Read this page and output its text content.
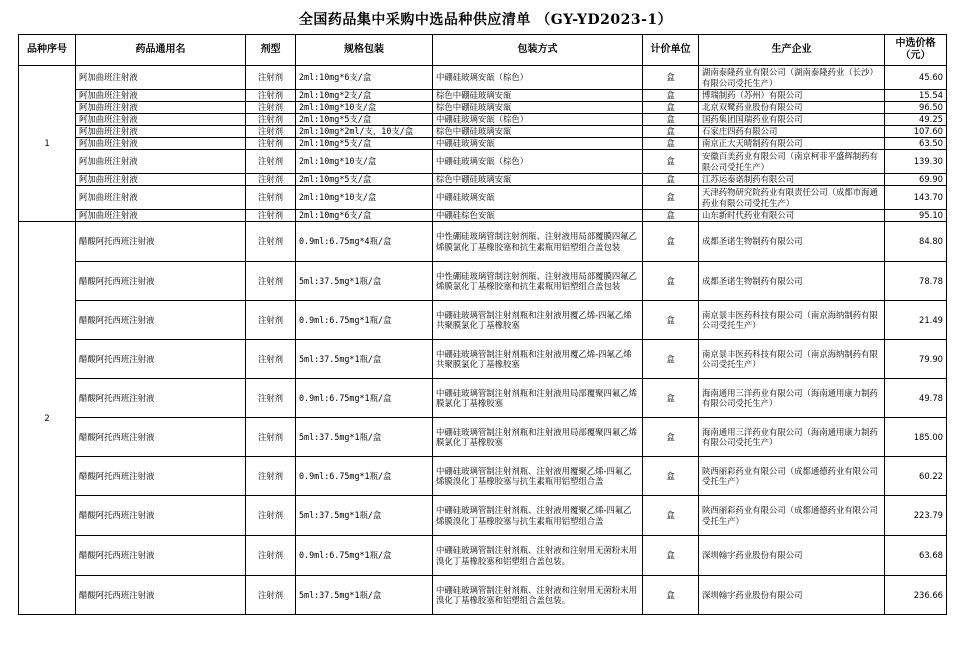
全国药品集中采购中选品种供应清单 （GY-YD2023-1）
品种序号	药品通用名	剂型	规格包装	包装方式	计价单位	生产企业	中选价格（元）
1	阿加曲班注射液	注射剂	2ml:10mg*6支/盒	中硼硅玻璃安瓿（棕色）	盒	湖南泰隆药业有限公司（湖南泰隆药业（长沙）有限公司受托生产）	45.60
	阿加曲班注射液	注射剂	2ml:10mg*2支/盒	棕色中硼硅玻璃安瓿	盒	博瑞制药（苏州）有限公司	15.54
	阿加曲班注射液	注射剂	2ml:10mg*10支/盒	棕色中硼硅玻璃安瓿	盒	北京双鹭药业股份有限公司	96.50
	阿加曲班注射液	注射剂	2ml:10mg*5支/盒	中硼硅玻璃安瓿（棕色）	盒	国药集团国瑞药业有限公司	49.25
	阿加曲班注射液	注射剂	2ml:10mg*2ml/支，10支/盒	棕色中硼硅玻璃安瓿	盒	石家庄四药有限公司	107.60
	阿加曲班注射液	注射剂	2ml:10mg*5支/盒	中硼硅玻璃安瓿	盒	南京正大天晴制药有限公司	63.50
	阿加曲班注射液	注射剂	2ml:10mg*10支/盒	中硼硅玻璃安瓿（棕色）	盒	安徽百美药业有限公司（南京柯菲平盛辉制药有限公司受托生产）	139.30
	阿加曲班注射液	注射剂	2ml:10mg*5支/盒	棕色中硼硅玻璃安瓿	盒	江苏运泰诺制药有限公司	69.90
	阿加曲班注射液	注射剂	2ml:10mg*10支/盒	中硼硅玻璃安瓿	盒	天津药物研究院药业有限责任公司（成都市海通药业有限公司受托生产）	143.70
	阿加曲班注射液	注射剂	2ml:10mg*6支/盒	中硼硅棕色安瓿	盒	山东新时代药业有限公司	95.10
2	醋酸阿托西班注射液	注射剂	0.9ml:6.75mg*4瓶/盒	中性硼硅玻璃管制注射剂瓶、注射液用局部覆膜四氟乙烯膜氯化丁基橡胶塞和抗生素瓶用铝塑组合盖包装	盒	成都圣诺生物制药有限公司	84.80
	醋酸阿托西班注射液	注射剂	5ml:37.5mg*1瓶/盒	中性硼硅玻璃管制注射剂瓶、注射液用局部覆膜四氟乙烯膜氯化丁基橡胶塞和抗生素瓶用铝塑组合盖包装	盒	成都圣诺生物制药有限公司	78.78
	醋酸阿托西班注射液	注射剂	0.9ml:6.75mg*1瓶/盒	中硼硅玻璃管制注射剂瓶和注射液用覆乙烯-四氟乙烯共聚膜氯化丁基橡胶塞	盒	南京景丰医药科技有限公司（南京海纳制药有限公司受托生产）	21.49
	醋酸阿托西班注射液	注射剂	5ml:37.5mg*1瓶/盒	中硼硅玻璃管制注射剂瓶和注射液用覆乙烯-四氟乙烯共聚膜氯化丁基橡胶塞	盒	南京景丰医药科技有限公司（南京海纳制药有限公司受托生产）	79.90
	醋酸阿托西班注射液	注射剂	0.9ml:6.75mg*1瓶/盒	中硼硅玻璃管制注射剂瓶和注射液用局部覆聚四氟乙烯膜氯化丁基橡胶塞	盒	海南通用三洋药业有限公司（海南通用康力制药有限公司受托生产）	49.78
	醋酸阿托西班注射液	注射剂	5ml:37.5mg*1瓶/盒	中硼硅玻璃管制注射剂瓶和注射液用局部覆聚四氟乙烯膜氯化丁基橡胶塞	盒	海南通用三洋药业有限公司（海南通用康力制药有限公司受托生产）	185.00
	醋酸阿托西班注射液	注射剂	0.9ml:6.75mg*1瓶/盒	中硼硅玻璃管制注射剂瓶、注射液用覆聚乙烯-四氟乙烯膜溴化丁基橡胶塞与抗生素瓶用铝塑组合盖	盒	陕西丽彩药业有限公司（成都通德药业有限公司受托生产）	60.22
	醋酸阿托西班注射液	注射剂	5ml:37.5mg*1瓶/盒	中硼硅玻璃管制注射剂瓶、注射液用覆聚乙烯-四氟乙烯膜溴化丁基橡胶塞与抗生素瓶用铝塑组合盖	盒	陕西丽彩药业有限公司（成都通德药业有限公司受托生产）	223.79
	醋酸阿托西班注射液	注射剂	0.9ml:6.75mg*1瓶/盒	中硼硅玻璃管制注射剂瓶、注射液和注射用无菌粉末用溴化丁基橡胶塞和铝塑组合盖包装。	盒	深圳翰宇药业股份有限公司	63.68
	醋酸阿托西班注射液	注射剂	5ml:37.5mg*1瓶/盒	中硼硅玻璃管制注射剂瓶、注射液和注射用无菌粉末用溴化丁基橡胶塞和铝塑组合盖包装。	盒	深圳翰宇药业股份有限公司	236.66
